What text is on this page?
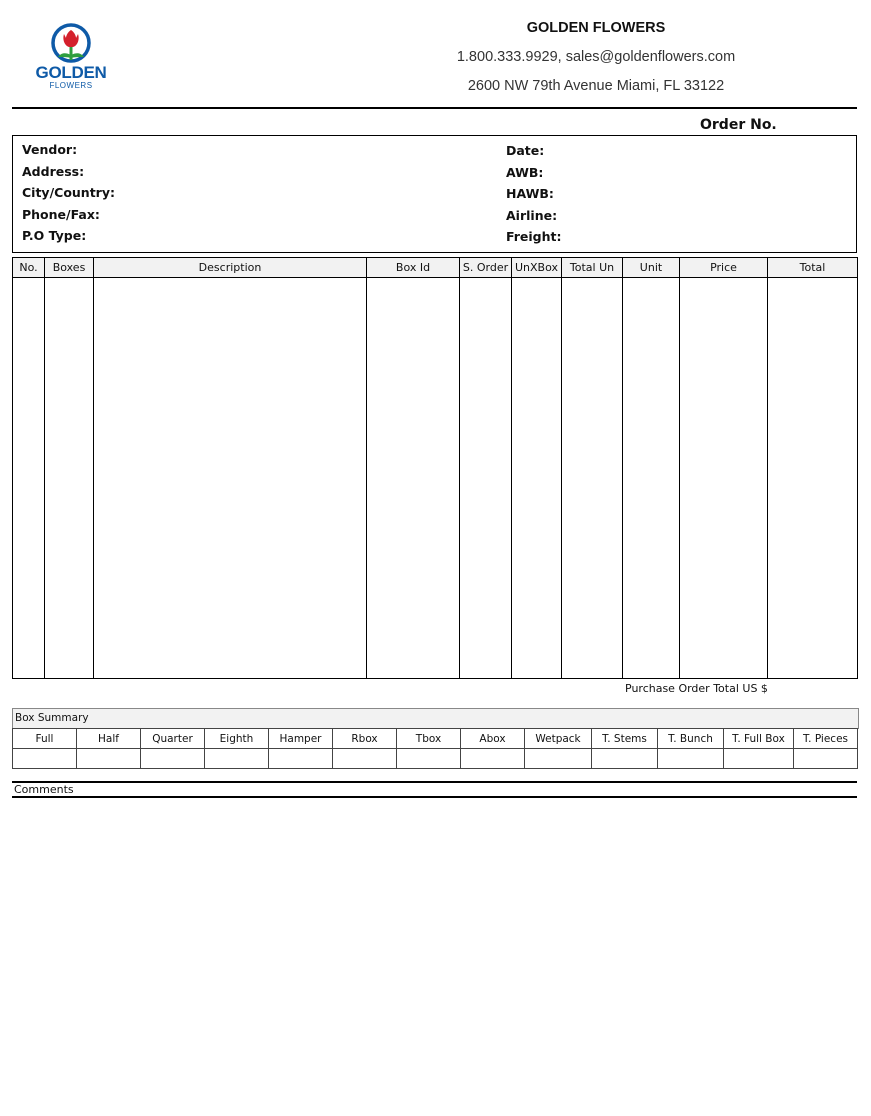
GOLDEN
FLOWERS
GOLDEN FLOWERS
1.800.333.9929, sales@goldenflowers.com
2600 NW 79th Avenue Miami, FL 33122
Order No.
Vendor:
Address:
City/Country:
Phone/Fax:
P.O Type:
Date:
AWB:
HAWB:
Airline:
Freight:
No.	Boxes	Description	Box Id	S. Order	UnXBox	Total Un	Unit	Price	Total

Purchase Order Total US $
Box Summary
Full	Half	Quarter	Eighth	Hamper	Rbox	Tbox	Abox	Wetpack	T. Stems	T. Bunch	T. Full Box	T. Pieces

Comments
